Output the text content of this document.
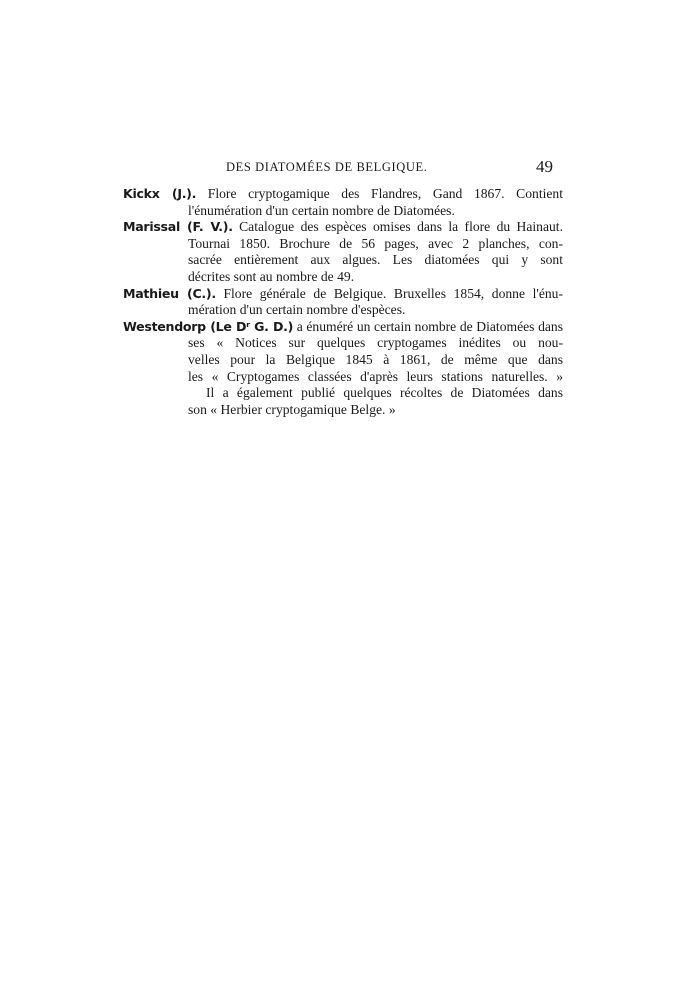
DES DIATOMÉES DE BELGIQUE.	49
Kickx (J.). Flore cryptogamique des Flandres, Gand 1867. Contient
l'énumération d'un certain nombre de Diatomées.
Marissal (F. V.). Catalogue des espèces omises dans la flore du Hainaut.
Tournai 1850. Brochure de 56 pages, avec 2 planches, con-
sacrée entièrement aux algues. Les diatomées qui y sont
décrites sont au nombre de 49.
Mathieu (C.). Flore générale de Belgique. Bruxelles 1854, donne l'énu-
mération d'un certain nombre d'espèces.
Westendorp (Le Dʳ G. D.) a énuméré un certain nombre de Diatomées dans
ses « Notices sur quelques cryptogames inédites ou nou-
velles pour la Belgique 1845 à 1861, de même que dans
les « Cryptogames classées d'après leurs stations naturelles. »
Il a également publié quelques récoltes de Diatomées dans
son « Herbier cryptogamique Belge. »
